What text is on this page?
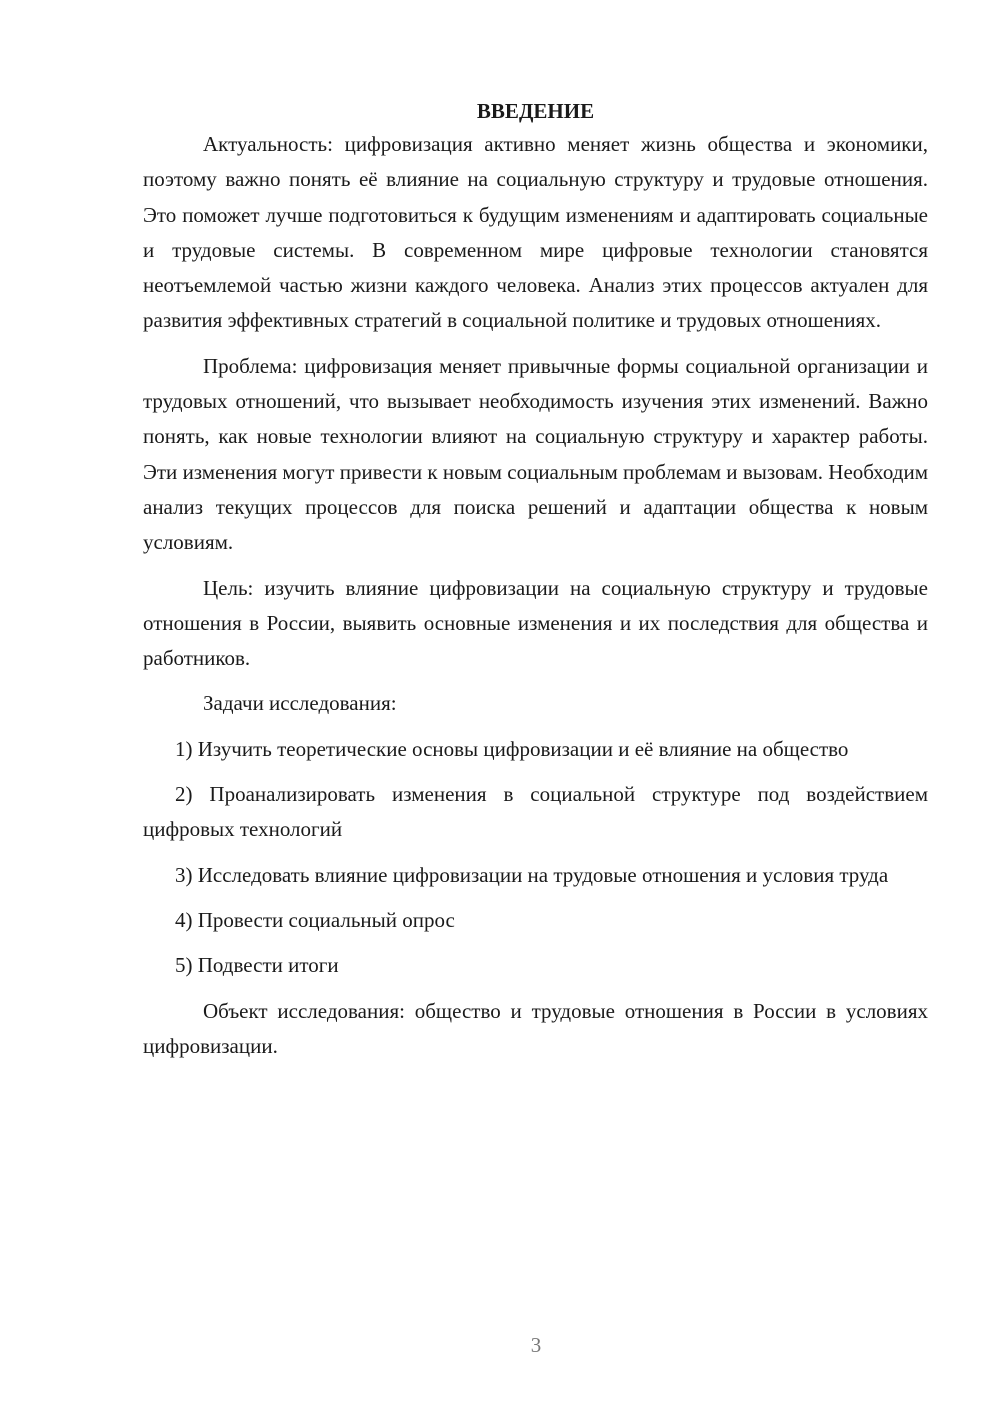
ВВЕДЕНИЕ

Актуальность: цифровизация активно меняет жизнь общества и экономики, поэтому важно понять её влияние на социальную структуру и трудовые отношения. Это поможет лучше подготовиться к будущим изменениям и адаптировать социальные и трудовые системы. В современном мире цифровые технологии становятся неотъемлемой частью жизни каждого человека. Анализ этих процессов актуален для развития эффективных стратегий в социальной политике и трудовых отношениях.

Проблема: цифровизация меняет привычные формы социальной организации и трудовых отношений, что вызывает необходимость изучения этих изменений. Важно понять, как новые технологии влияют на социальную структуру и характер работы. Эти изменения могут привести к новым социальным проблемам и вызовам. Необходим анализ текущих процессов для поиска решений и адаптации общества к новым условиям.

Цель: изучить влияние цифровизации на социальную структуру и трудовые отношения в России, выявить основные изменения и их последствия для общества и работников.

Задачи исследования:

1) Изучить теоретические основы цифровизации и её влияние на общество

2) Проанализировать изменения в социальной структуре под воздействием цифровых технологий

3) Исследовать влияние цифровизации на трудовые отношения и условия труда

4) Провести социальный опрос

5) Подвести итоги

Объект исследования: общество и трудовые отношения в России в условиях цифровизации.

3
